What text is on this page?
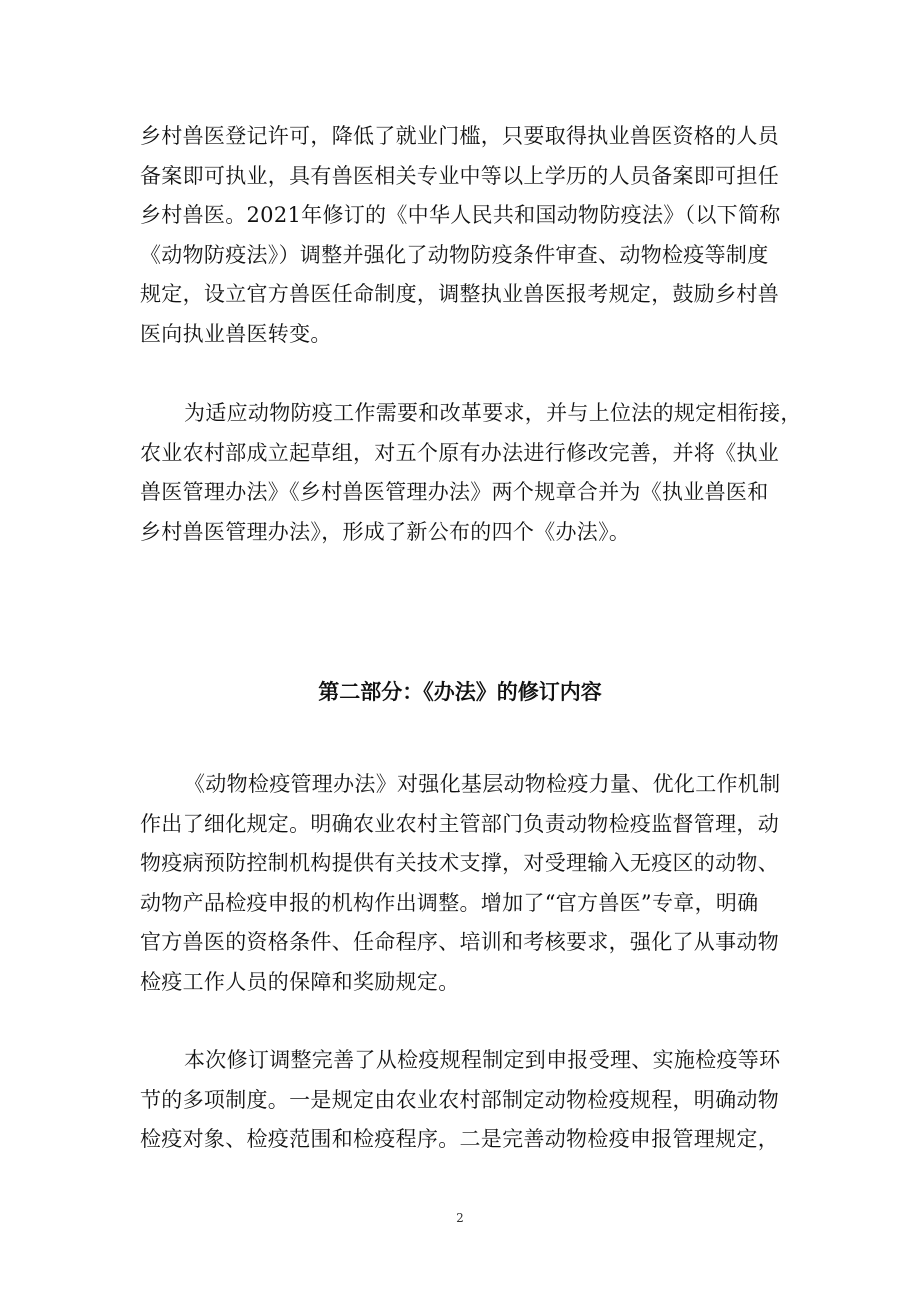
乡村兽医登记许可，降低了就业门槛，只要取得执业兽医资格的人员
备案即可执业，具有兽医相关专业中等以上学历的人员备案即可担任
乡村兽医。2021年修订的《中华人民共和国动物防疫法》（以下简称
《动物防疫法》）调整并强化了动物防疫条件审查、动物检疫等制度
规定，设立官方兽医任命制度，调整执业兽医报考规定，鼓励乡村兽
医向执业兽医转变。
为适应动物防疫工作需要和改革要求，并与上位法的规定相衔接，
农业农村部成立起草组，对五个原有办法进行修改完善，并将《执业
兽医管理办法》《乡村兽医管理办法》两个规章合并为《执业兽医和
乡村兽医管理办法》，形成了新公布的四个《办法》。
第二部分：《办法》的修订内容
《动物检疫管理办法》对强化基层动物检疫力量、优化工作机制
作出了细化规定。明确农业农村主管部门负责动物检疫监督管理，动
物疫病预防控制机构提供有关技术支撑，对受理输入无疫区的动物、
动物产品检疫申报的机构作出调整。增加了“官方兽医”专章，明确
官方兽医的资格条件、任命程序、培训和考核要求，强化了从事动物
检疫工作人员的保障和奖励规定。
本次修订调整完善了从检疫规程制定到申报受理、实施检疫等环
节的多项制度。一是规定由农业农村部制定动物检疫规程，明确动物
检疫对象、检疫范围和检疫程序。二是完善动物检疫申报管理规定，
2
